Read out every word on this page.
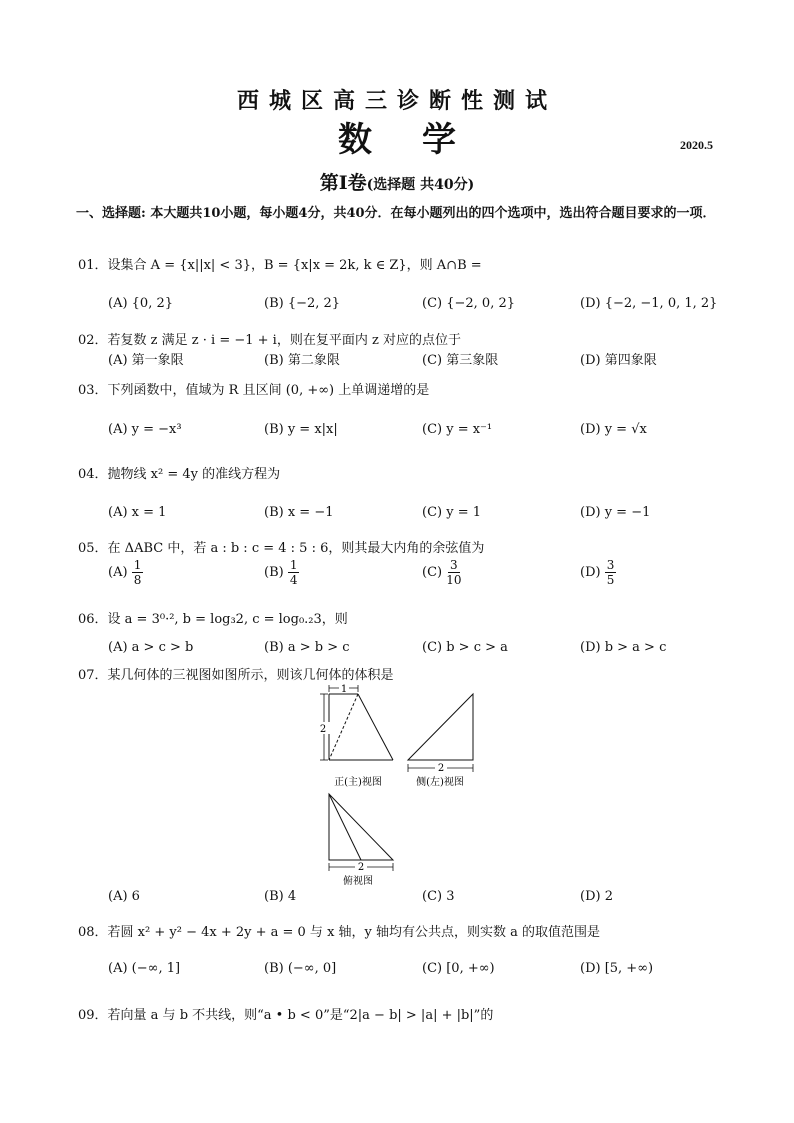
西城区高三诊断性测试
数学	2020.5
第Ⅰ卷(选择题 共40分)
一、选择题: 本大题共10小题，每小题4分，共40分．在每小题列出的四个选项中，选出符合题目要求的一项．
01．设集合 A = {x||x| < 3}，B = {x|x = 2k, k ∈ Z}，则 A∩B =
(A) {0, 2}	(B) {−2, 2}	(C) {−2, 0, 2}	(D) {−2, −1, 0, 1, 2}
02．若复数 z 满足 z · i = −1 + i，则在复平面内 z 对应的点位于
(A) 第一象限	(B) 第二象限	(C) 第三象限	(D) 第四象限
03．下列函数中，值域为 R 且区间 (0, +∞) 上单调递增的是
(A) y = −x³	(B) y = x|x|	(C) y = x⁻¹	(D) y = √x
04．抛物线 x² = 4y 的准线方程为
(A) x = 1	(B) x = −1	(C) y = 1	(D) y = −1
05．在 ΔABC 中，若 a : b : c = 4 : 5 : 6，则其最大内角的余弦值为
$(A) \frac{1}{8}$	$(B) \frac{1}{4}$	$(C) \frac{3}{10}$	$(D) \frac{3}{5}$
06．设 a = 3⁰·², b = log₃2, c = log₀.₂3，则
(A) a > c > b	(B) a > b > c	(C) b > c > a	(D) b > a > c
07．某几何体的三视图如图所示，则该几何体的体积是
1
2
正(主)视图
2
侧(左)视图
2
俯视图
(A) 6	(B) 4	(C) 3	(D) 2
08．若圆 x² + y² − 4x + 2y + a = 0 与 x 轴，y 轴均有公共点，则实数 a 的取值范围是
(A) (−∞, 1]	(B) (−∞, 0]	(C) [0, +∞)	(D) [5, +∞)
09．若向量 a 与 b 不共线，则“a • b < 0”是“2|a − b| > |a| + |b|”的
